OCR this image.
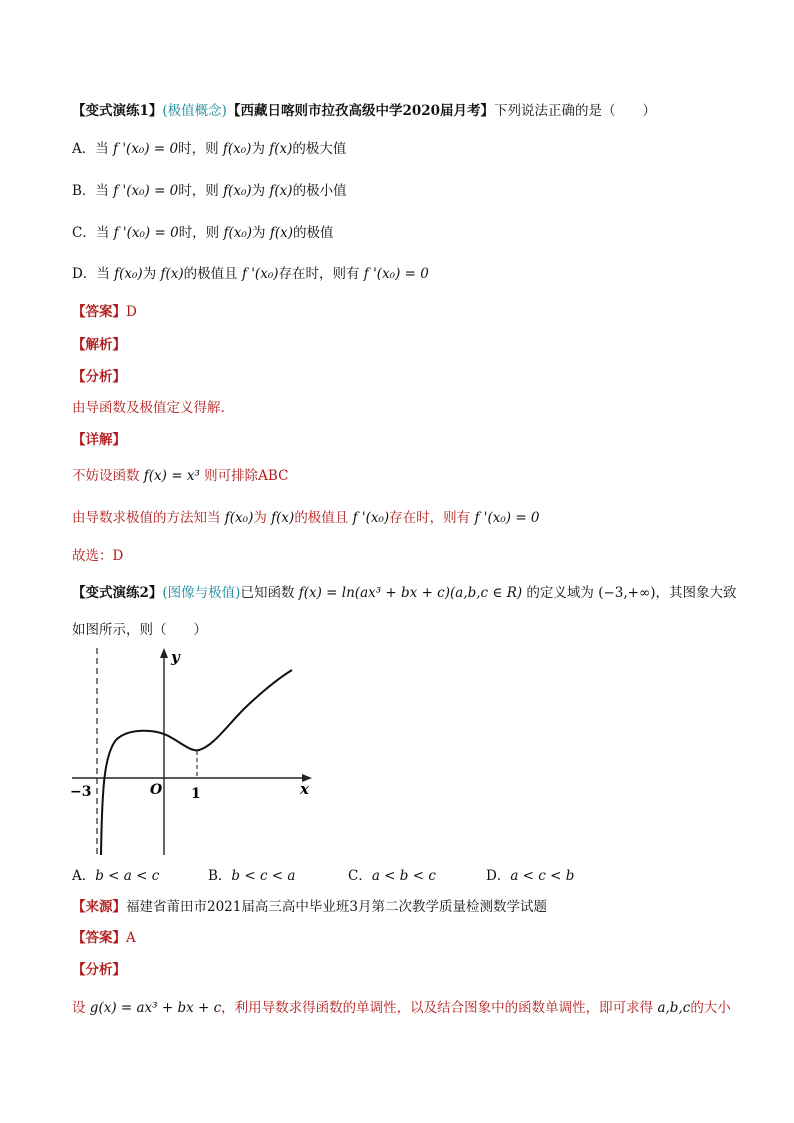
【变式演练1】(极值概念)【西藏日喀则市拉孜高级中学2020届月考】下列说法正确的是（　　）
A．当 f '(x₀) = 0时，则 f(x₀)为 f(x)的极大值
B．当 f '(x₀) = 0时，则 f(x₀)为 f(x)的极小值
C．当 f '(x₀) = 0时，则 f(x₀)为 f(x)的极值
D．当 f(x₀)为 f(x)的极值且 f '(x₀)存在时，则有 f '(x₀) = 0
【答案】D
【解析】
【分析】
由导函数及极值定义得解.
【详解】
不妨设函数 f(x) = x³ 则可排除ABC
由导数求极值的方法知当 f(x₀)为 f(x)的极值且 f '(x₀)存在时，则有 f '(x₀) = 0
故选：D
【变式演练2】(图像与极值)已知函数 f(x) = ln(ax³ + bx + c)(a,b,c ∈ R) 的定义域为 (−3,+∞)，其图象大致
如图所示，则（　　）
y
x
O
−3	1
A．b < a < c	B．b < c < a	C．a < b < c	D．a < c < b
【来源】福建省莆田市2021届高三高中毕业班3月第二次教学质量检测数学试题
【答案】A
【分析】
设 g(x) = ax³ + bx + c，利用导数求得函数的单调性，以及结合图象中的函数单调性，即可求得 a,b,c的大小
